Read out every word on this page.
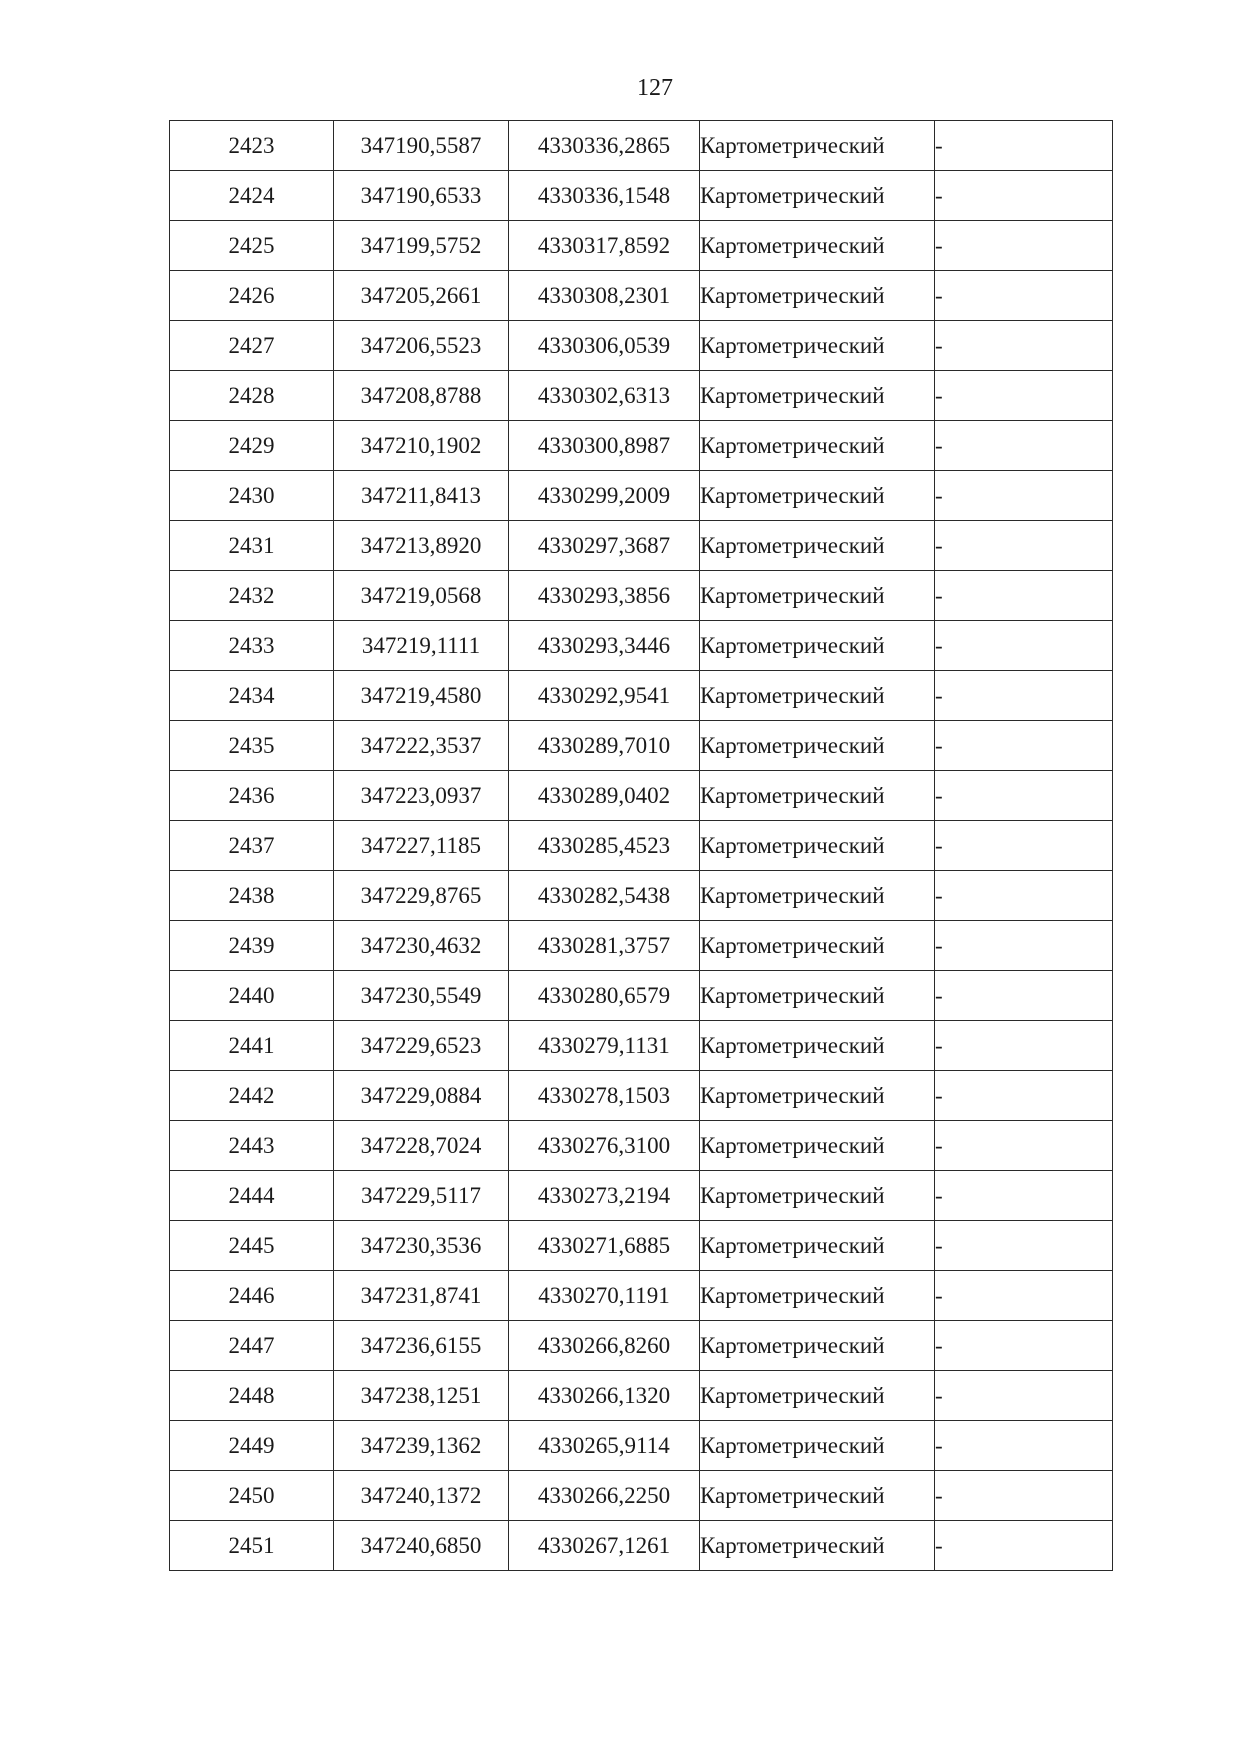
127
2423	347190,5587	4330336,2865	Картометрический	-
2424	347190,6533	4330336,1548	Картометрический	-
2425	347199,5752	4330317,8592	Картометрический	-
2426	347205,2661	4330308,2301	Картометрический	-
2427	347206,5523	4330306,0539	Картометрический	-
2428	347208,8788	4330302,6313	Картометрический	-
2429	347210,1902	4330300,8987	Картометрический	-
2430	347211,8413	4330299,2009	Картометрический	-
2431	347213,8920	4330297,3687	Картометрический	-
2432	347219,0568	4330293,3856	Картометрический	-
2433	347219,1111	4330293,3446	Картометрический	-
2434	347219,4580	4330292,9541	Картометрический	-
2435	347222,3537	4330289,7010	Картометрический	-
2436	347223,0937	4330289,0402	Картометрический	-
2437	347227,1185	4330285,4523	Картометрический	-
2438	347229,8765	4330282,5438	Картометрический	-
2439	347230,4632	4330281,3757	Картометрический	-
2440	347230,5549	4330280,6579	Картометрический	-
2441	347229,6523	4330279,1131	Картометрический	-
2442	347229,0884	4330278,1503	Картометрический	-
2443	347228,7024	4330276,3100	Картометрический	-
2444	347229,5117	4330273,2194	Картометрический	-
2445	347230,3536	4330271,6885	Картометрический	-
2446	347231,8741	4330270,1191	Картометрический	-
2447	347236,6155	4330266,8260	Картометрический	-
2448	347238,1251	4330266,1320	Картометрический	-
2449	347239,1362	4330265,9114	Картометрический	-
2450	347240,1372	4330266,2250	Картометрический	-
2451	347240,6850	4330267,1261	Картометрический	-
